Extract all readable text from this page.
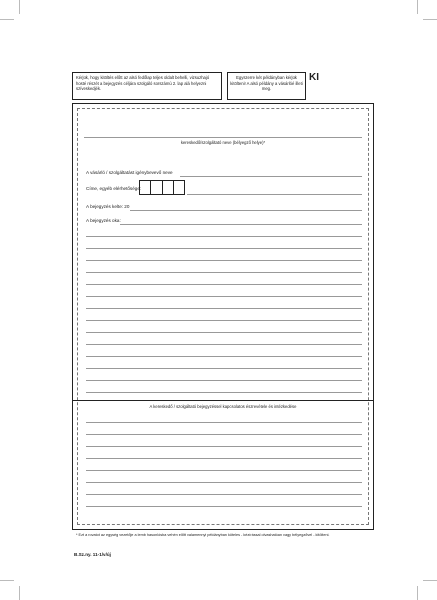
Kérjük, hogy kitöltés előtt az alsó fedőlap teljes oldalt behelli, vizsuzhajó hosté részét a bejegyzés céljára szolgáló sorszámú 2. lap alá helyezni szíveskedjék.
Egyszerre két példányban kérjük kitölteni! A alsó példány a vásárlóé illeti meg.
KI
kereskedő/szolgáltató neve (bélyegző helye)*
A vásárló / szolgáltatást igénybevevő neve
Címe, egyéb elérhetősége:
A bejegyzés kelte: 20
A bejegyzés oka:
A kereskedő / szolgáltató bejegyzéssel kapcsolatos észrevétele és intézkedése
* Ezt a rovatot az egység vezetője a lemb hasonlósba vehén előtt valamennyi példányban köteles - kézírással olvashatóan vagy bélyegzővel - kitölteni.
B.Sz.ny. 11-1/v/új
